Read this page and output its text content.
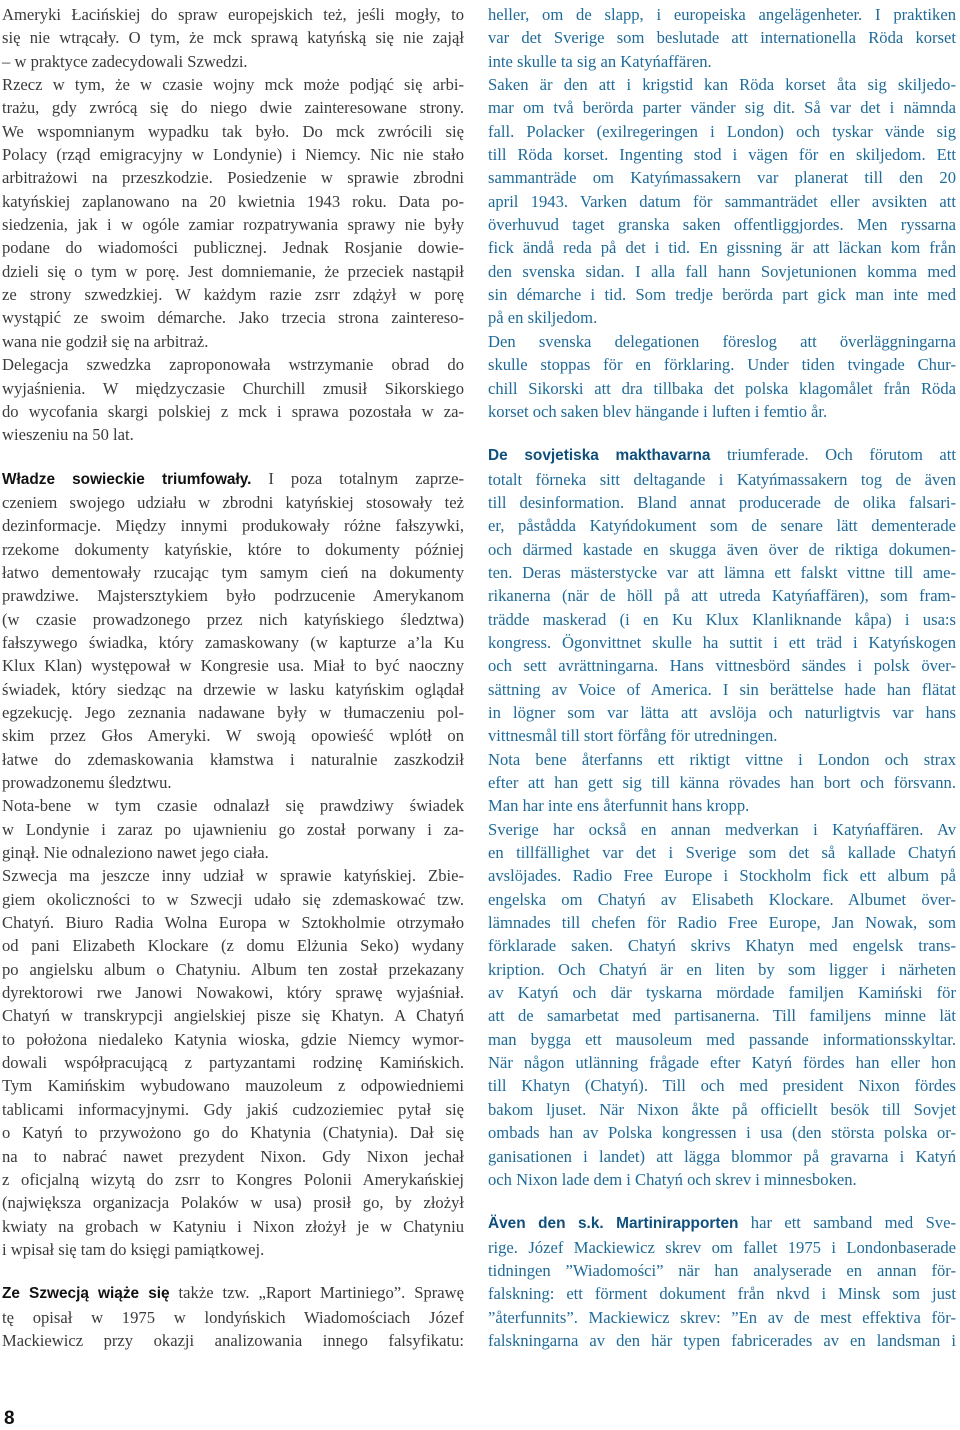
Ameryki Łacińskiej do spraw europejskich też, jeśli mogły, to
się nie wtrącały. O tym, że mck sprawą katyńską się nie zajął
– w praktyce zadecydowali Szwedzi.
Rzecz w tym, że w czasie wojny mck może podjąć się arbi-
trażu, gdy zwrócą się do niego dwie zainteresowane strony.
We wspomnianym wypadku tak było. Do mck zwrócili się
Polacy (rząd emigracyjny w Londynie) i Niemcy. Nic nie stało
arbitrażowi na przeszkodzie. Posiedzenie w sprawie zbrodni
katyńskiej zaplanowano na 20 kwietnia 1943 roku. Data po-
siedzenia, jak i w ogóle zamiar rozpatrywania sprawy nie były
podane do wiadomości publicznej. Jednak Rosjanie dowie-
dzieli się o tym w porę. Jest domniemanie, że przeciek nastąpił
ze strony szwedzkiej. W każdym razie zsrr zdążył w porę
wystąpić ze swoim démarche. Jako trzecia strona zaintereso-
wana nie godził się na arbitraż.
Delegacja szwedzka zaproponowała wstrzymanie obrad do
wyjaśnienia. W międzyczasie Churchill zmusił Sikorskiego
do wycofania skargi polskiej z mck i sprawa pozostała w za-
wieszeniu na 50 lat.
Władze sowieckie triumfowały. I poza totalnym zaprze-
czeniem swojego udziału w zbrodni katyńskiej stosowały też
dezinformacje. Między innymi produkowały różne fałszywki,
rzekome dokumenty katyńskie, które to dokumenty później
łatwo dementowały rzucając tym samym cień na dokumenty
prawdziwe. Majstersztykiem było podrzucenie Amerykanom
(w czasie prowadzonego przez nich katyńskiego śledztwa)
fałszywego świadka, który zamaskowany (w kapturze a’la Ku
Klux Klan) występował w Kongresie usa. Miał to być naoczny
świadek, który siedząc na drzewie w lasku katyńskim oglądał
egzekucję. Jego zeznania nadawane były w tłumaczeniu pol-
skim przez Głos Ameryki. W swoją opowieść wplótł on
łatwe do zdemaskowania kłamstwa i naturalnie zaszkodził
prowadzonemu śledztwu.
Nota-bene w tym czasie odnalazł się prawdziwy świadek
w Londynie i zaraz po ujawnieniu go został porwany i za-
ginął. Nie odnaleziono nawet jego ciała.
Szwecja ma jeszcze inny udział w sprawie katyńskiej. Zbie-
giem okoliczności to w Szwecji udało się zdemaskować tzw.
Chatyń. Biuro Radia Wolna Europa w Sztokholmie otrzymało
od pani Elizabeth Klockare (z domu Elżunia Seko) wydany
po angielsku album o Chatyniu. Album ten został przekazany
dyrektorowi rwe Janowi Nowakowi, który sprawę wyjaśniał.
Chatyń w transkrypcji angielskiej pisze się Khatyn. A Chatyń
to położona niedaleko Katynia wioska, gdzie Niemcy wymor-
dowali współpracującą z partyzantami rodzinę Kamińskich.
Tym Kamińskim wybudowano mauzoleum z odpowiedniemi
tablicami informacyjnymi. Gdy jakiś cudzoziemiec pytał się
o Katyń to przywożono go do Khatynia (Chatynia). Dał się
na to nabrać nawet prezydent Nixon. Gdy Nixon jechał
z oficjalną wizytą do zsrr to Kongres Polonii Amerykańskiej
(największa organizacja Polaków w usa) prosił go, by złożył
kwiaty na grobach w Katyniu i Nixon złożył je w Chatyniu
i wpisał się tam do księgi pamiątkowej.
Ze Szwecją wiąże się także tzw. „Raport Martiniego”. Sprawę
tę opisał w 1975 w londyńskich Wiadomościach Józef
Mackiewicz przy okazji analizowania innego falsyfikatu:
heller, om de slapp, i europeiska angelägenheter. I praktiken
var det Sverige som beslutade att internationella Röda korset
inte skulle ta sig an Katyńaffären.
Saken är den att i krigstid kan Röda korset åta sig skiljedo-
mar om två berörda parter vänder sig dit. Så var det i nämnda
fall. Polacker (exilregeringen i London) och tyskar vände sig
till Röda korset. Ingenting stod i vägen för en skiljedom. Ett
sammanträde om Katyńmassakern var planerat till den 20
april 1943. Varken datum för sammanträdet eller avsikten att
överhuvud taget granska saken offentliggjordes. Men ryssarna
fick ändå reda på det i tid. En gissning är att läckan kom från
den svenska sidan. I alla fall hann Sovjetunionen komma med
sin démarche i tid. Som tredje berörda part gick man inte med
på en skiljedom.
Den svenska delegationen föreslog att överläggningarna
skulle stoppas för en förklaring. Under tiden tvingade Chur-
chill Sikorski att dra tillbaka det polska klagomålet från Röda
korset och saken blev hängande i luften i femtio år.
De sovjetiska makthavarna triumferade. Och förutom att
totalt förneka sitt deltagande i Katyńmassakern tog de även
till desinformation. Bland annat producerade de olika falsari-
er, påstådda Katyńdokument som de senare lätt dementerade
och därmed kastade en skugga även över de riktiga dokumen-
ten. Deras mästerstycke var att lämna ett falskt vittne till ame-
rikanerna (när de höll på att utreda Katyńaffären), som fram-
trädde maskerad (i en Ku Klux Klanliknande kåpa) i usa:s
kongress. Ögonvittnet skulle ha suttit i ett träd i Katyńskogen
och sett avrättningarna. Hans vittnesbörd sändes i polsk över-
sättning av Voice of America. I sin berättelse hade han flätat
in lögner som var lätta att avslöja och naturligtvis var hans
vittnesmål till stort förfång för utredningen.
Nota bene återfanns ett riktigt vittne i London och strax
efter att han gett sig till känna rövades han bort och försvann.
Man har inte ens återfunnit hans kropp.
Sverige har också en annan medverkan i Katyńaffären. Av
en tillfällighet var det i Sverige som det så kallade Chatyń
avslöjades. Radio Free Europe i Stockholm fick ett album på
engelska om Chatyń av Elisabeth Klockare. Albumet över-
lämnades till chefen för Radio Free Europe, Jan Nowak, som
förklarade saken. Chatyń skrivs Khatyn med engelsk trans-
kription. Och Chatyń är en liten by som ligger i närheten
av Katyń och där tyskarna mördade familjen Kamiński för
att de samarbetat med partisanerna. Till familjens minne lät
man bygga ett mausoleum med passande informationsskyltar.
När någon utlänning frågade efter Katyń fördes han eller hon
till Khatyn (Chatyń). Till och med president Nixon fördes
bakom ljuset. När Nixon åkte på officiellt besök till Sovjet
ombads han av Polska kongressen i usa (den största polska or-
ganisationen i landet) att lägga blommor på gravarna i Katyń
och Nixon lade dem i Chatyń och skrev i minnesboken.
Även den s.k. Martinirapporten har ett samband med Sve-
rige. Józef Mackiewicz skrev om fallet 1975 i Londonbaserade
tidningen ”Wiadomości” när han analyserade en annan för-
falskning: ett förment dokument från nkvd i Minsk som just
”återfunnits”. Mackiewicz skrev: ”En av de mest effektiva för-
falskningarna av den här typen fabricerades av en landsman i
8
